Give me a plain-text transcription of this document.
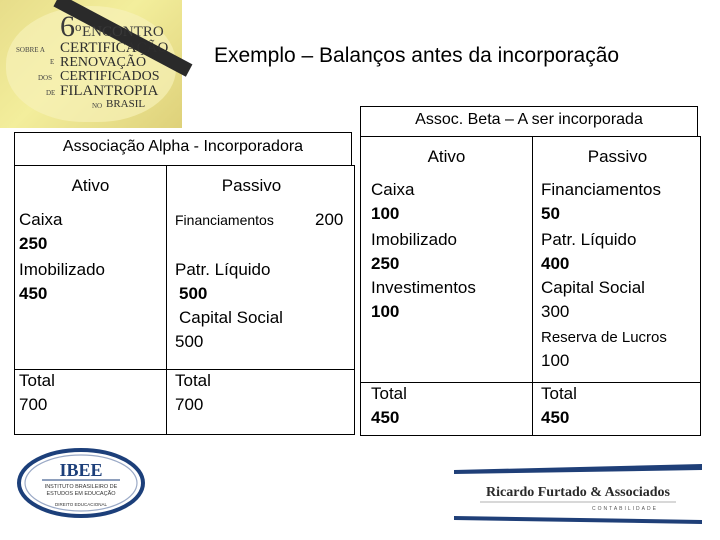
6$^o$ENCONTRO
SOBRE A CERTIFICAÇÃO
E RENOVAÇÃO
DOS CERTIFICADOS
DE FILANTROPIA
NO BRASIL
Exemplo – Balanços antes da incorporação
Associação Alpha - Incorporadora
Ativo	Passivo
Caixa
250
Imobilizado
450
Financiamentos 200
Patr. Líquido
500
Capital Social
500
Total
700
Total
700
Assoc. Beta – A ser incorporada
Ativo	Passivo
Caixa
100
Imobilizado
250
Investimentos
100
Financiamentos
50
Patr. Líquido
400
Capital Social
300
Reserva de Lucros
100
Total
450
Total
450
IBEE
INSTITUTO BRASILEIRO DE
ESTUDOS EM EDUCAÇÃO
DIREITO EDUCACIONAL
Ricardo Furtado & Associados
CONTABILIDADE
